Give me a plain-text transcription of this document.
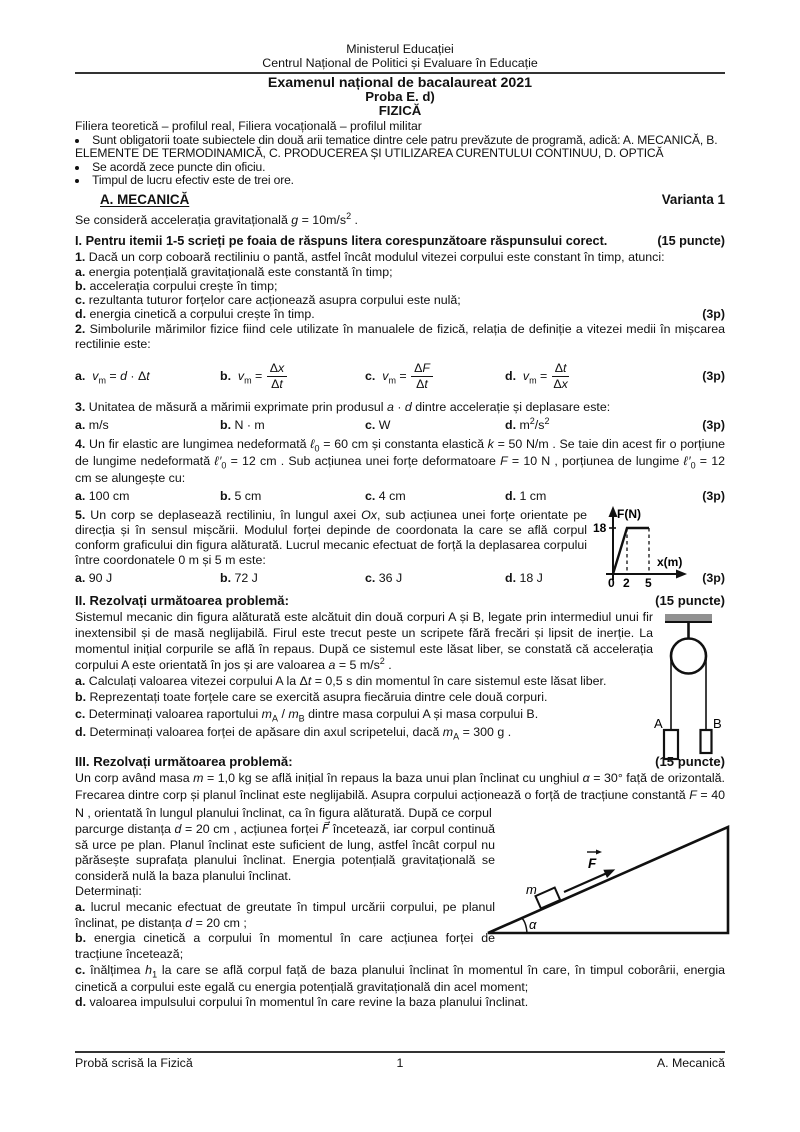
Ministerul Educației
Centrul Național de Politici și Evaluare în Educație
Examenul național de bacalaureat 2021
Proba E. d)
FIZICĂ
Filiera teoretică – profilul real, Filiera vocațională – profilul militar
• Sunt obligatorii toate subiectele din două arii tematice dintre cele patru prevăzute de programă, adică: A. MECANICĂ, B. ELEMENTE DE TERMODINAMICĂ, C. PRODUCEREA ȘI UTILIZAREA CURENTULUI CONTINUU, D. OPTICĂ
• Se acordă zece puncte din oficiu.
• Timpul de lucru efectiv este de trei ore.
A. MECANICĂ	Varianta 1
Se consideră accelerația gravitațională $g = 10m/s^2$ .
I. Pentru itemii 1-5 scrieți pe foaia de răspuns litera corespunzătoare răspunsului corect.	(15 puncte)
1. Dacă un corp coboară rectiliniu o pantă, astfel încât modulul vitezei corpului este constant în timp, atunci:
a. energia potențială gravitațională este constantă în timp;
b. accelerația corpului crește în timp;
c. rezultanta tuturor forțelor care acționează asupra corpului este nulă;
d. energia cinetică a corpului crește în timp.	(3p)
2. Simbolurile mărimilor fizice fiind cele utilizate în manualele de fizică, relația de definiție a vitezei medii în mișcarea rectilinie este:
a. $v_m = d \cdot \Delta t$	b. $v_m = \frac{\Delta x}{\Delta t}$	c. $v_m = \frac{\Delta F}{\Delta t}$	d. $v_m = \frac{\Delta t}{\Delta x}$	(3p)
3. Unitatea de măsură a mărimii exprimate prin produsul a · d dintre accelerație și deplasare este:
a. m/s	b. N · m	c. W	d. $m^2/s^2$	(3p)
4. Un fir elastic are lungimea nedeformată ℓ$_0$ = 60 cm și constanta elastică k = 50 N/m . Se taie din acest fir o porțiune de lungime nedeformată $\ell'_0 = 12$ cm . Sub acțiunea unei forțe deformatoare F = 10 N , porțiunea de lungime $\ell'_0 = 12$ cm se alungește cu:
a. 100 cm	b. 5 cm	c. 4 cm	d. 1 cm	(3p)
5. Un corp se deplasează rectiliniu, în lungul axei Ox, sub acțiunea unei forțe orientate pe direcția și în sensul mișcării. Modulul forței depinde de coordonata la care se află corpul conform graficului din figura alăturată. Lucrul mecanic efectuat de forță la deplasarea corpului între coordonatele 0 m și 5 m este:
a. 90 J	b. 72 J	c. 36 J	d. 18 J	(3p)
F(N)
18
x(m)
0 2 5
II. Rezolvați următoarea problemă:	(15 puncte)
Sistemul mecanic din figura alăturată este alcătuit din două corpuri A și B, legate prin intermediul unui fir inextensibil și de masă neglijabilă. Firul este trecut peste un scripete fără frecări și lipsit de inerție. La momentul inițial corpurile se află în repaus. După ce sistemul este lăsat liber, se constată că accelerația corpului A este orientată în jos și are valoarea a = 5 $m/s^2$ .
a. Calculați valoarea vitezei corpului A la Δt = 0,5 s din momentul în care sistemul este lăsat liber.
b. Reprezentați toate forțele care se exercită asupra fiecăruia dintre cele două corpuri.
c. Determinați valoarea raportului $m_A / m_B$ dintre masa corpului A și masa corpului B.
d. Determinați valoarea forței de apăsare din axul scripetelui, dacă $m_A = 300$ g .
A	B
III. Rezolvați următoarea problemă:	(15 puncte)
Un corp având masa m = 1,0 kg se află inițial în repaus la baza unui plan înclinat cu unghiul α = 30° față de orizontală. Frecarea dintre corp și planul înclinat este neglijabilă. Asupra corpului acționează o forță de tracțiune constantă F = 40 N , orientată în lungul planului înclinat, ca în figura alăturată. După ce corpul
parcurge distanța d = 20 cm , acțiunea forței F⃗ încetează, iar corpul continuă să urce pe plan. Planul înclinat este suficient de lung, astfel încât corpul nu părăsește suprafața planului înclinat. Energia potențială gravitațională se consideră nulă la baza planului înclinat.
Determinați:
a. lucrul mecanic efectuat de greutate în timpul urcării corpului, pe planul înclinat, pe distanța d = 20 cm ;
b. energia cinetică a corpului în momentul în care acțiunea forței de tracțiune încetează;
c. înălțimea $h_1$ la care se află corpul față de baza planului înclinat în momentul în care, în timpul coborârii, energia cinetică a corpului este egală cu energia potențială gravitațională din acel moment;
d. valoarea impulsului corpului în momentul în care revine la baza planului înclinat.
m
F
α
Probă scrisă la Fizică	1	A. Mecanică
